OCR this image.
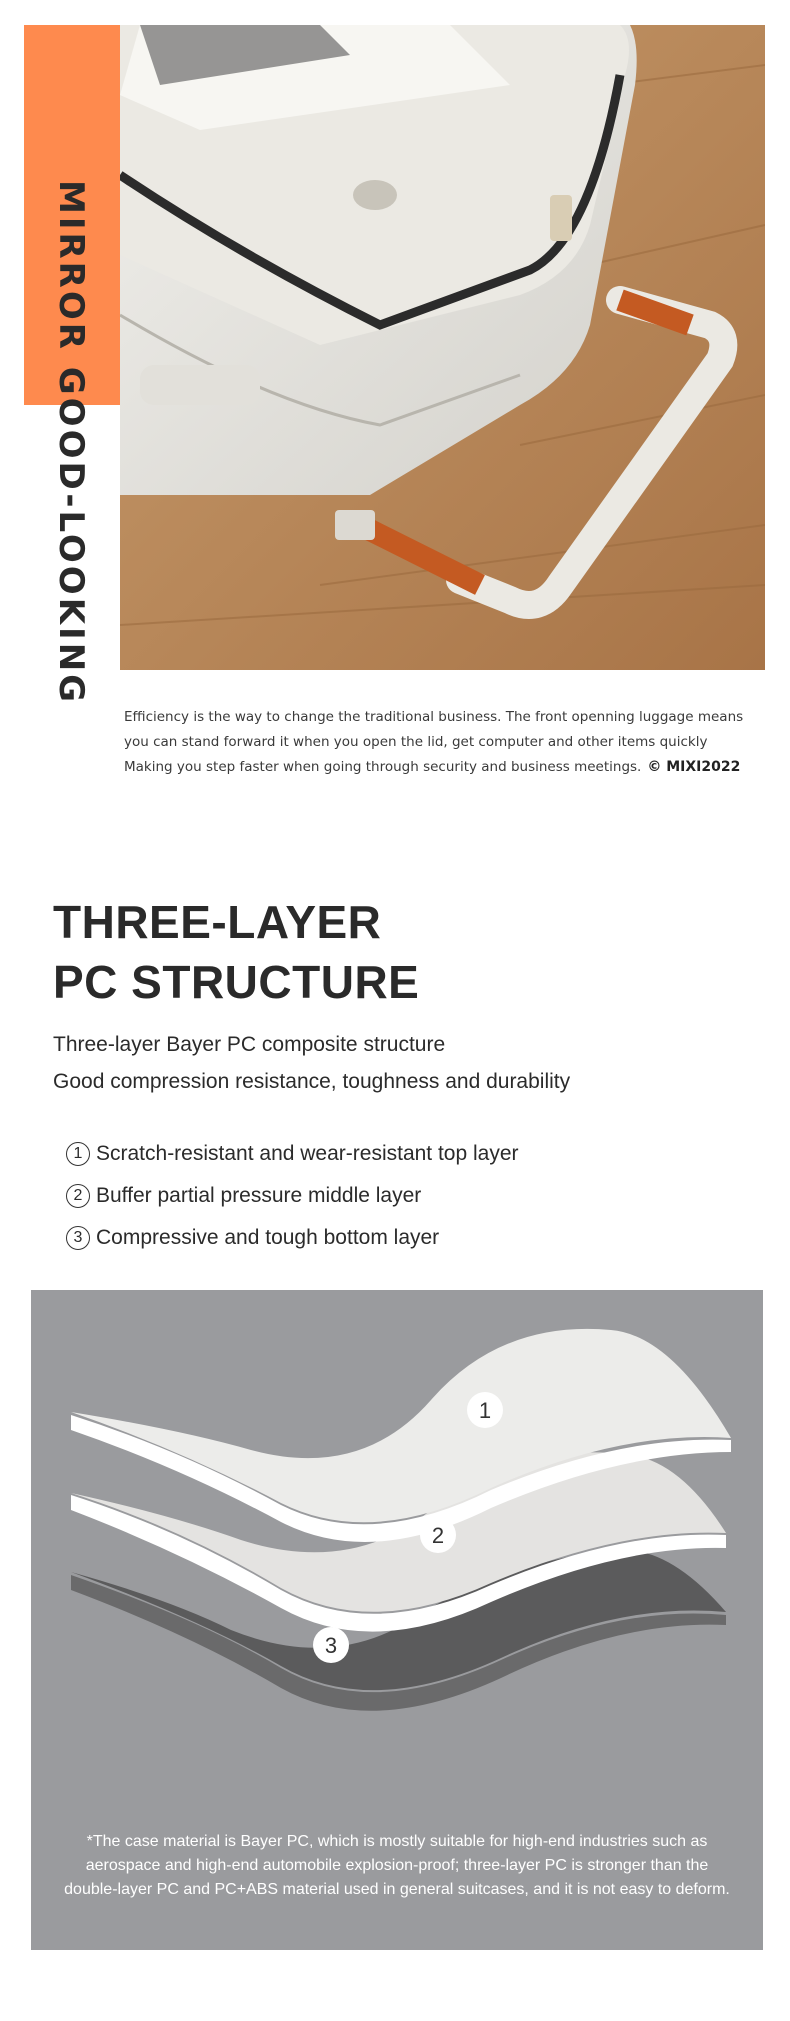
MIRROR GOOD-LOOKING

Efficiency is the way to change the traditional business. The front openning luggage means

you can stand forward it when you open the lid, get computer and other items quickly

Making you step faster when going through security and business meetings. © MIXI2022

THREE-LAYER
PC STRUCTURE
Three-layer Bayer PC composite structure
Good compression resistance, toughness and durability
1 Scratch-resistant and wear-resistant top layer
2 Buffer partial pressure middle layer
3 Compressive and tough bottom layer
1
2
3
*The case material is Bayer PC, which is mostly suitable for high-end industries such as
aerospace and high-end automobile explosion-proof; three-layer PC is stronger than the
double-layer PC and PC+ABS material used in general suitcases, and it is not easy to deform.
